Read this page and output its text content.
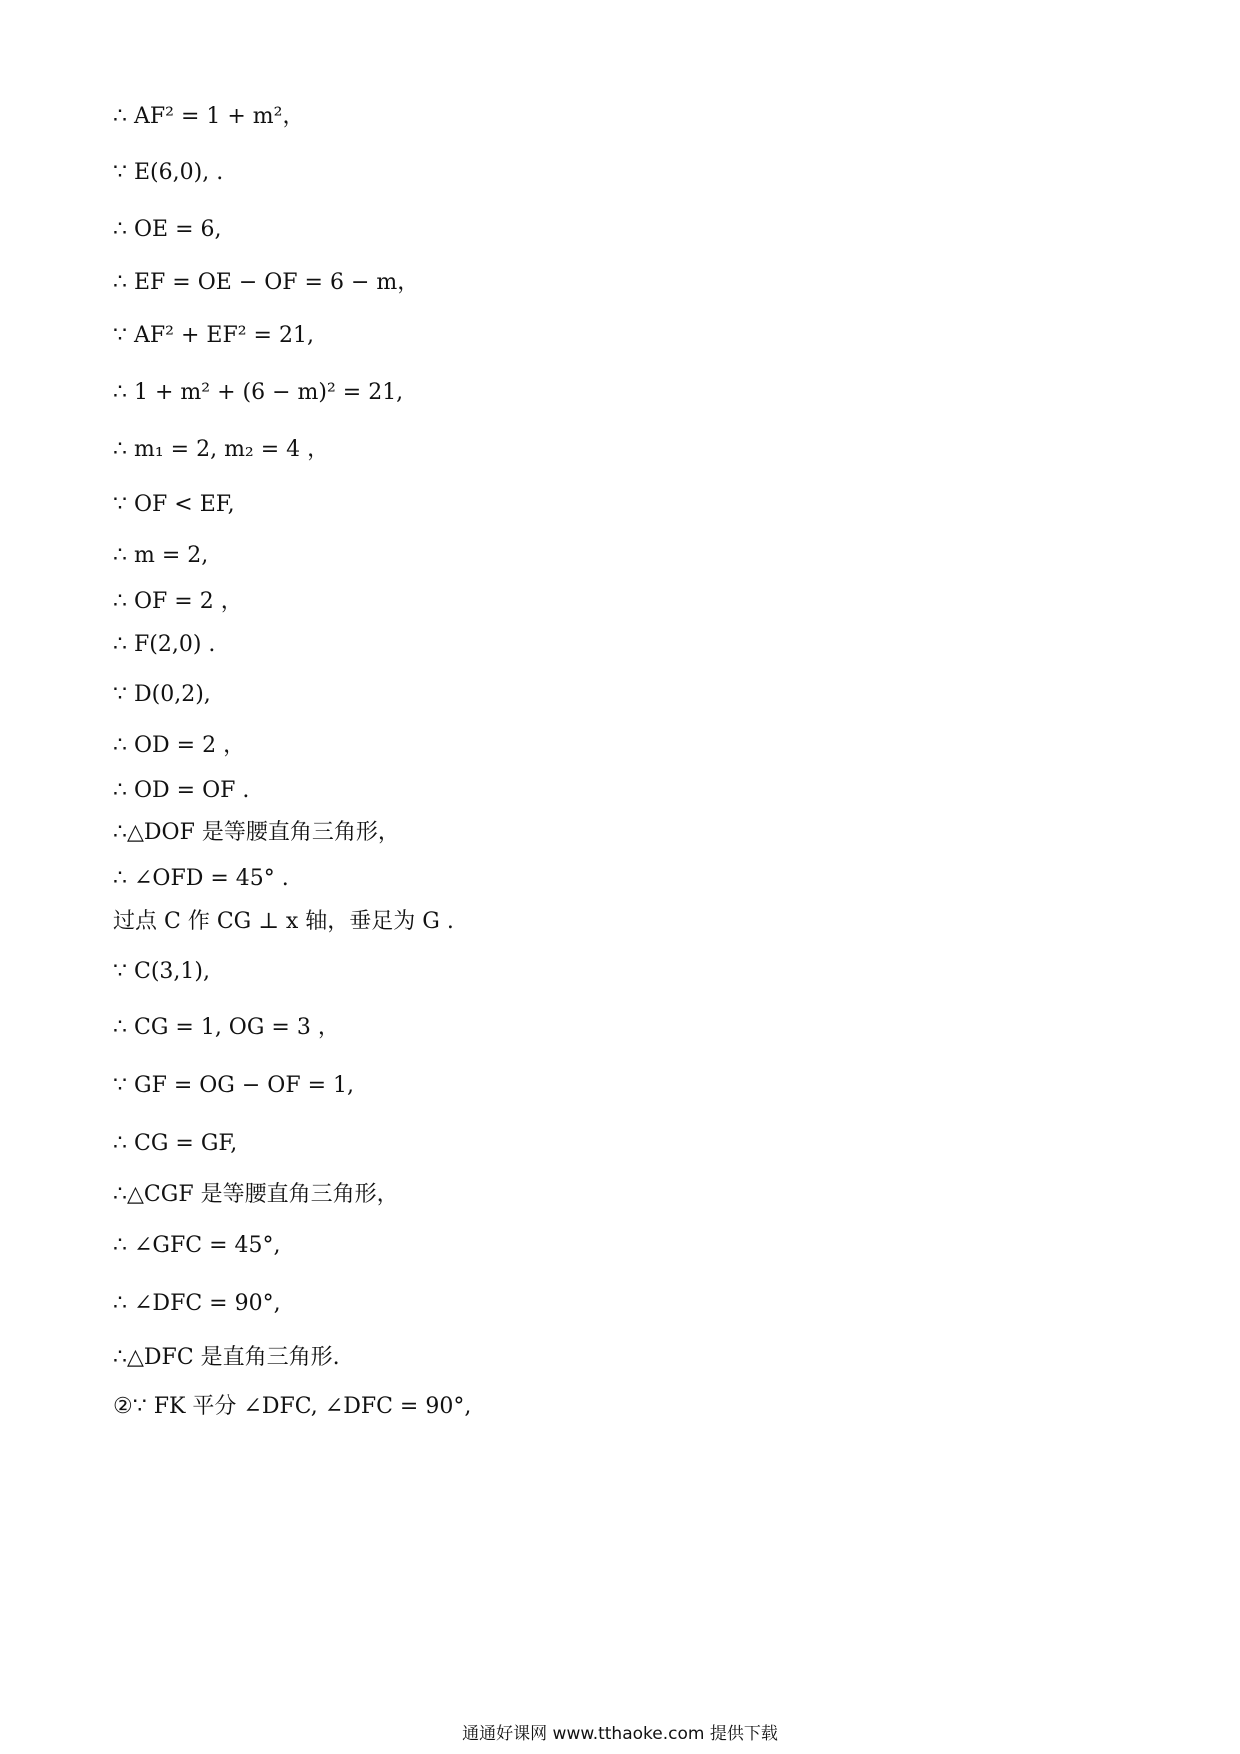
∴ AF² = 1 + m²，
∵ E(6,0), .
∴ OE = 6,
∴ EF = OE − OF = 6 − m，
∵ AF² + EF² = 21,
∴ 1 + m² + (6 − m)² = 21,
∴ m₁ = 2, m₂ = 4 ，
∵ OF < EF,
∴ m = 2,
∴ OF = 2 ，
∴ F(2,0) .
∵ D(0,2),
∴ OD = 2 ，
∴ OD = OF .
∴△DOF 是等腰直角三角形，
∴ ∠OFD = 45° .
过点 C 作 CG ⊥ x 轴，垂足为 G .
∵ C(3,1),
∴ CG = 1, OG = 3 ，
∵ GF = OG − OF = 1,
∴ CG = GF,
∴△CGF 是等腰直角三角形，
∴ ∠GFC = 45°,
∴ ∠DFC = 90°,
∴△DFC 是直角三角形.
②∵ FK 平分 ∠DFC, ∠DFC = 90°,
通通好课网 www.tthaoke.com 提供下载
